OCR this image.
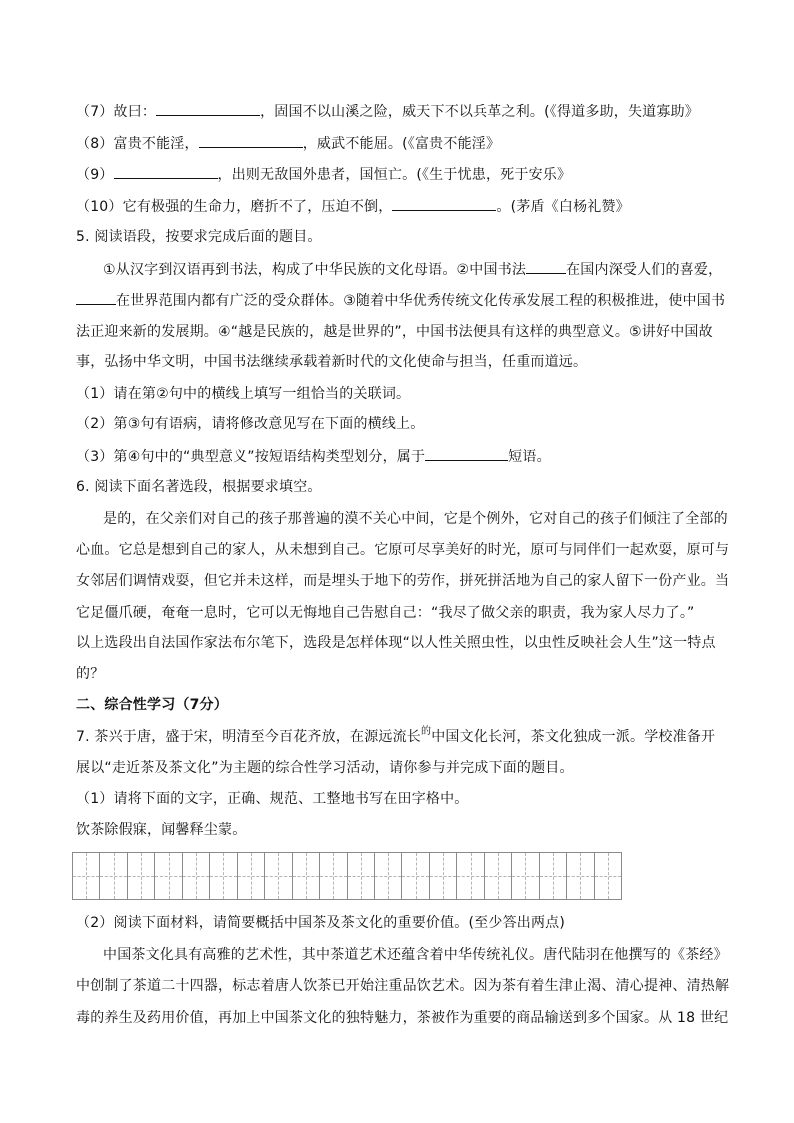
（7）故曰：	，固国不以山溪之险，威天下不以兵革之利。(《得道多助，失道寡助》
（8）富贵不能淫，	，威武不能屈。(《富贵不能淫》
（9）	，出则无敌国外患者，国恒亡。(《生于忧患，死于安乐》
（10）它有极强的生命力，磨折不了，压迫不倒，	。(茅盾《白杨礼赞》
5. 阅读语段，按要求完成后面的题目。
①从汉字到汉语再到书法，构成了中华民族的文化母语。②中国书法	在国内深受人们的喜爱，
在世界范围内都有广泛的受众群体。③随着中华优秀传统文化传承发展工程的积极推进，使中国书
法正迎来新的发展期。④“越是民族的，越是世界的”，中国书法便具有这样的典型意义。⑤讲好中国故
事，弘扬中华文明，中国书法继续承载着新时代的文化使命与担当，任重而道远。
（1）请在第②句中的横线上填写一组恰当的关联词。
（2）第③句有语病，请将修改意见写在下面的横线上。
（3）第④句中的“典型意义”按短语结构类型划分，属于	短语。
6. 阅读下面名著选段，根据要求填空。
是的，在父亲们对自己的孩子那普遍的漠不关心中间，它是个例外，它对自己的孩子们倾注了全部的
心血。它总是想到自己的家人，从未想到自己。它原可尽享美好的时光，原可与同伴们一起欢耍，原可与
女邻居们调情戏耍，但它并未这样，而是埋头于地下的劳作，拼死拼活地为自己的家人留下一份产业。当
它足僵爪硬，奄奄一息时，它可以无悔地自己告慰自己：“我尽了做父亲的职责，我为家人尽力了。”
以上选段出自法国作家法布尔笔下，选段是怎样体现“以人性关照虫性，以虫性反映社会人生”这一特点
的？
二、综合性学习（7分）
7. 茶兴于唐，盛于宋，明清至今百花齐放，在源远流长$^的$中国文化长河，茶文化独成一派。学校准备开
展以“走近茶及茶文化”为主题的综合性学习活动，请你参与并完成下面的题目。
（1）请将下面的文字，正确、规范、工整地书写在田字格中。
饮茶除假寐，闻馨释尘蒙。
（2）阅读下面材料，请简要概括中国茶及茶文化的重要价值。(至少答出两点)
中国茶文化具有高雅的艺术性，其中茶道艺术还蕴含着中华传统礼仪。唐代陆羽在他撰写的《茶经》
中创制了茶道二十四器，标志着唐人饮茶已开始注重品饮艺术。因为茶有着生津止渴、清心提神、清热解
毒的养生及药用价值，再加上中国茶文化的独特魅力，茶被作为重要的商品输送到多个国家。从 18 世纪
